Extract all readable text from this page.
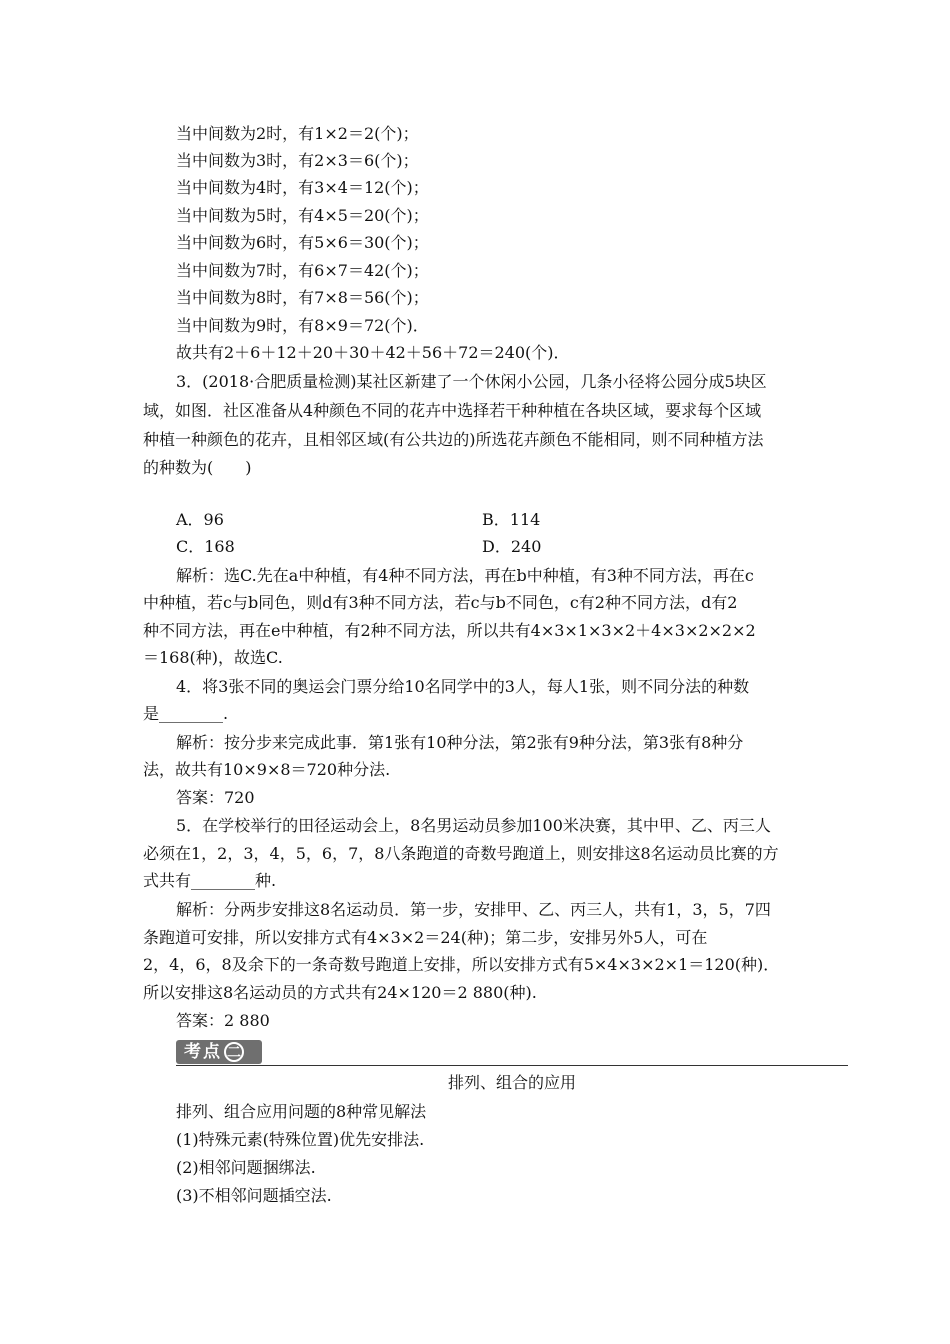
当中间数为2时，有1×2＝2(个)；
当中间数为3时，有2×3＝6(个)；
当中间数为4时，有3×4＝12(个)；
当中间数为5时，有4×5＝20(个)；
当中间数为6时，有5×6＝30(个)；
当中间数为7时，有6×7＝42(个)；
当中间数为8时，有7×8＝56(个)；
当中间数为9时，有8×9＝72(个)．
故共有2＋6＋12＋20＋30＋42＋56＋72＝240(个)．
3．(2018·合肥质量检测)某社区新建了一个休闲小公园，几条小径将公园分成5块区
域，如图．社区准备从4种颜色不同的花卉中选择若干种种植在各块区域，要求每个区域
种植一种颜色的花卉，且相邻区域(有公共边的)所选花卉颜色不能相同，则不同种植方法
的种数为(　　)
A．96	B．114
C．168	D．240
解析：选C.先在a中种植，有4种不同方法，再在b中种植，有3种不同方法，再在c
中种植，若c与b同色，则d有3种不同方法，若c与b不同色，c有2种不同方法，d有2
种不同方法，再在e中种植，有2种不同方法，所以共有4×3×1×3×2＋4×3×2×2×2
＝168(种)，故选C.
4．将3张不同的奥运会门票分给10名同学中的3人，每人1张，则不同分法的种数
是________.
解析：按分步来完成此事．第1张有10种分法，第2张有9种分法，第3张有8种分
法，故共有10×9×8＝720种分法.
答案：720
5．在学校举行的田径运动会上，8名男运动员参加100米决赛，其中甲、乙、丙三人
必须在1，2，3，4，5，6，7，8八条跑道的奇数号跑道上，则安排这8名运动员比赛的方
式共有________种.
解析：分两步安排这8名运动员．第一步，安排甲、乙、丙三人，共有1，3，5，7四
条跑道可安排，所以安排方式有4×3×2＝24(种)；第二步，安排另外5人，可在
2，4，6，8及余下的一条奇数号跑道上安排，所以安排方式有5×4×3×2×1＝120(种)．
所以安排这8名运动员的方式共有24×120＝2 880(种).
答案：2 880
考点 二
排列、组合的应用
排列、组合应用问题的8种常见解法
(1)特殊元素(特殊位置)优先安排法.
(2)相邻问题捆绑法.
(3)不相邻问题插空法.
